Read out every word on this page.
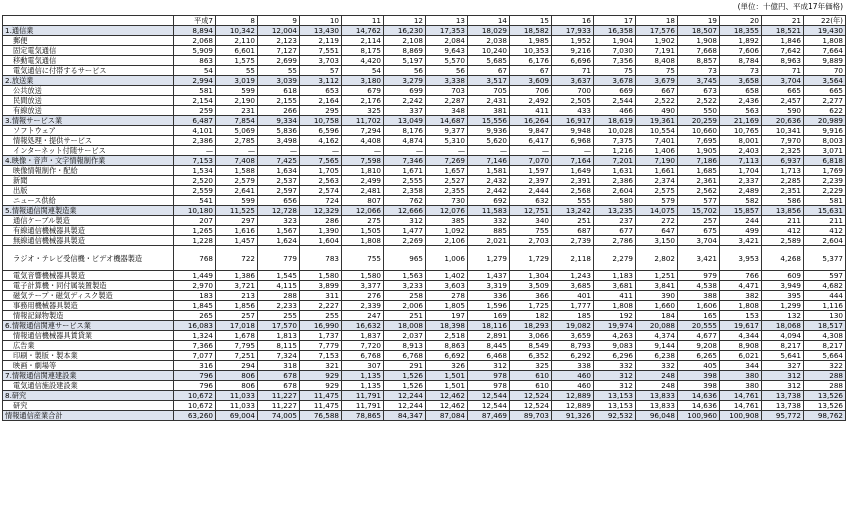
(単位：十億円、平成17年価格)
	平成7	8	9	10	11	12	13	14	15	16	17	18	19	20	21	22(年)
1.通信業	8,894	10,342	12,004	13,430	14,762	16,230	17,353	18,029	18,582	17,933	16,358	17,576	18,507	18,355	18,521	19,430
郵便	2,068	2,110	2,123	2,119	2,114	2,108	2,084	2,038	1,985	1,952	1,904	1,902	1,908	1,892	1,846	1,808
固定電気通信	5,909	6,601	7,127	7,551	8,175	8,869	9,643	10,240	10,353	9,216	7,030	7,191	7,668	7,606	7,642	7,664
移動電気通信	863	1,575	2,699	3,703	4,420	5,197	5,570	5,685	6,176	6,696	7,356	8,408	8,857	8,784	8,963	9,889
電気通信に付帯するサービス	54	55	55	57	54	56	56	67	67	71	75	75	73	73	71	70
2.放送業	2,994	3,019	3,039	3,112	3,180	3,279	3,338	3,517	3,609	3,637	3,678	3,679	3,745	3,658	3,704	3,564
公共放送	581	599	618	653	679	699	703	705	706	700	669	667	673	658	665	665
民間放送	2,154	2,190	2,155	2,164	2,176	2,242	2,287	2,431	2,492	2,505	2,544	2,522	2,522	2,436	2,457	2,277
有線放送	259	231	266	295	325	337	348	381	411	433	466	490	550	563	590	622
3.情報サービス業	6,487	7,854	9,334	10,758	11,702	13,049	14,687	15,556	16,264	16,917	18,619	19,361	20,259	21,169	20,636	20,989
ソフトウェア	4,101	5,069	5,836	6,596	7,294	8,176	9,377	9,936	9,847	9,948	10,028	10,554	10,660	10,765	10,341	9,916
情報処理・提供サービス	2,386	2,785	3,498	4,162	4,408	4,874	5,310	5,620	6,417	6,968	7,375	7,401	7,695	8,001	7,970	8,003
インターネット付随サービス	—	—	—	—	—	—	—	—	—	—	1,216	1,406	1,905	2,403	2,325	3,071
4.映像・音声・文字情報制作業	7,153	7,408	7,425	7,565	7,598	7,346	7,269	7,146	7,070	7,164	7,201	7,190	7,186	7,113	6,937	6,818
映像情報制作・配給	1,534	1,588	1,634	1,705	1,810	1,671	1,657	1,581	1,597	1,649	1,631	1,661	1,685	1,704	1,713	1,769
新聞	2,520	2,579	2,537	2,563	2,499	2,555	2,527	2,432	2,397	2,391	2,386	2,374	2,361	2,337	2,285	2,239
出版	2,559	2,641	2,597	2,574	2,481	2,358	2,355	2,442	2,444	2,568	2,604	2,575	2,562	2,489	2,351	2,229
ニュース供給	541	599	656	724	807	762	730	692	632	555	580	579	577	582	586	581
5.情報通信関連製造業	10,180	11,525	12,728	12,329	12,066	12,666	12,076	11,583	12,751	13,242	13,235	14,075	15,702	15,857	13,856	15,631
通信ケーブル製造	207	297	323	286	275	312	385	332	340	251	237	272	257	244	211	211
有線通信機械器具製造	1,265	1,616	1,567	1,390	1,505	1,477	1,092	885	755	687	677	647	675	499	412	412
無線通信機械器具製造	1,228	1,457	1,624	1,604	1,808	2,269	2,106	2,021	2,703	2,739	2,786	3,150	3,704	3,421	2,589	2,604
ラジオ・テレビ受信機・ビデオ機器製造	768	722	779	783	755	965	1,006	1,279	1,729	2,118	2,279	2,802	3,421	3,953	4,268	5,377
電気音響機械器具製造	1,449	1,386	1,545	1,580	1,580	1,563	1,402	1,437	1,304	1,243	1,183	1,251	979	766	609	597
電子計算機・同付属装置製造	2,970	3,721	4,115	3,899	3,377	3,233	3,603	3,319	3,509	3,685	3,681	3,841	4,538	4,471	3,949	4,682
磁気テープ・磁気ディスク製造	183	213	288	311	276	258	278	336	366	401	411	390	388	382	395	444
事務用機械器具製造	1,845	1,856	2,233	2,227	2,339	2,006	1,805	1,596	1,725	1,777	1,808	1,660	1,606	1,808	1,299	1,116
情報記録物製造	265	257	255	255	247	251	197	169	182	185	192	184	165	153	132	130
6.情報通信関連サービス業	16,083	17,018	17,570	16,990	16,632	18,008	18,398	18,116	18,293	19,082	19,974	20,088	20,555	19,617	18,068	18,517
情報通信機械器具賃貸業	1,324	1,678	1,813	1,737	1,837	2,037	2,518	2,891	3,066	3,659	4,263	4,374	4,677	4,344	4,094	4,308
広告業	7,366	7,795	8,115	7,779	7,720	8,913	8,863	8,445	8,549	8,793	9,083	9,144	9,208	8,908	8,217	8,217
印刷・製版・製本業	7,077	7,251	7,324	7,153	6,768	6,768	6,692	6,468	6,352	6,292	6,296	6,238	6,265	6,021	5,641	5,664
映画・劇場等	316	294	318	321	307	291	326	312	325	338	332	332	405	344	327	322
7.情報通信関連建設業	796	806	678	929	1,135	1,526	1,501	978	610	460	312	248	398	380	312	288
電気通信施設建設業	796	806	678	929	1,135	1,526	1,501	978	610	460	312	248	398	380	312	288
8.研究	10,672	11,033	11,227	11,475	11,791	12,244	12,462	12,544	12,524	12,889	13,153	13,833	14,636	14,761	13,738	13,526
研究	10,672	11,033	11,227	11,475	11,791	12,244	12,462	12,544	12,524	12,889	13,153	13,833	14,636	14,761	13,738	13,526
情報通信産業合計	63,260	69,004	74,005	76,588	78,865	84,347	87,084	87,469	89,703	91,326	92,532	96,048	100,960	100,908	95,772	98,762
